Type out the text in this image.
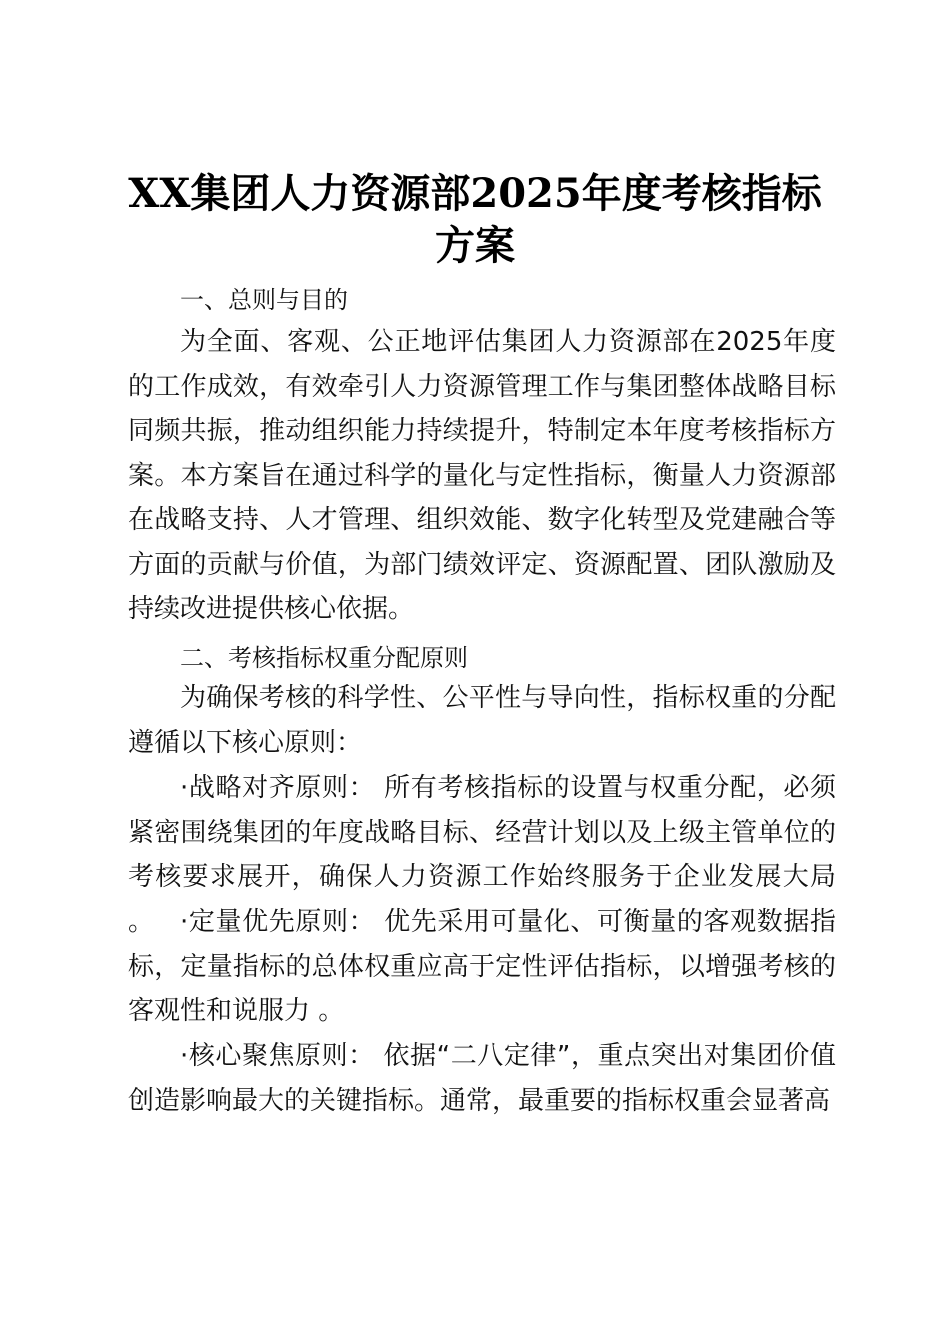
XX集团人力资源部2025年度考核指标
方案
一、总则与目的
为全面、客观、公正地评估集团人力资源部在2025年度的工作成效，有效牵引人力资源管理工作与集团整体战略目标同频共振，推动组织能力持续提升，特制定本年度考核指标方案。本方案旨在通过科学的量化与定性指标，衡量人力资源部在战略支持、人才管理、组织效能、数字化转型及党建融合等方面的贡献与价值，为部门绩效评定、资源配置、团队激励及持续改进提供核心依据。
二、考核指标权重分配原则
为确保考核的科学性、公平性与导向性，指标权重的分配遵循以下核心原则：
·战略对齐原则： 所有考核指标的设置与权重分配，必须紧密围绕集团的年度战略目标、经营计划以及上级主管单位的考核要求展开，确保人力资源工作始终服务于企业发展大局 。 ·定量优先原则： 优先采用可量化、可衡量的客观数据指标，定量指标的总体权重应高于定性评估指标，以增强考核的客观性和说服力 。
·核心聚焦原则： 依据“二八定律”，重点突出对集团价值创造影响最大的关键指标。通常，最重要的指标权重会显著高
